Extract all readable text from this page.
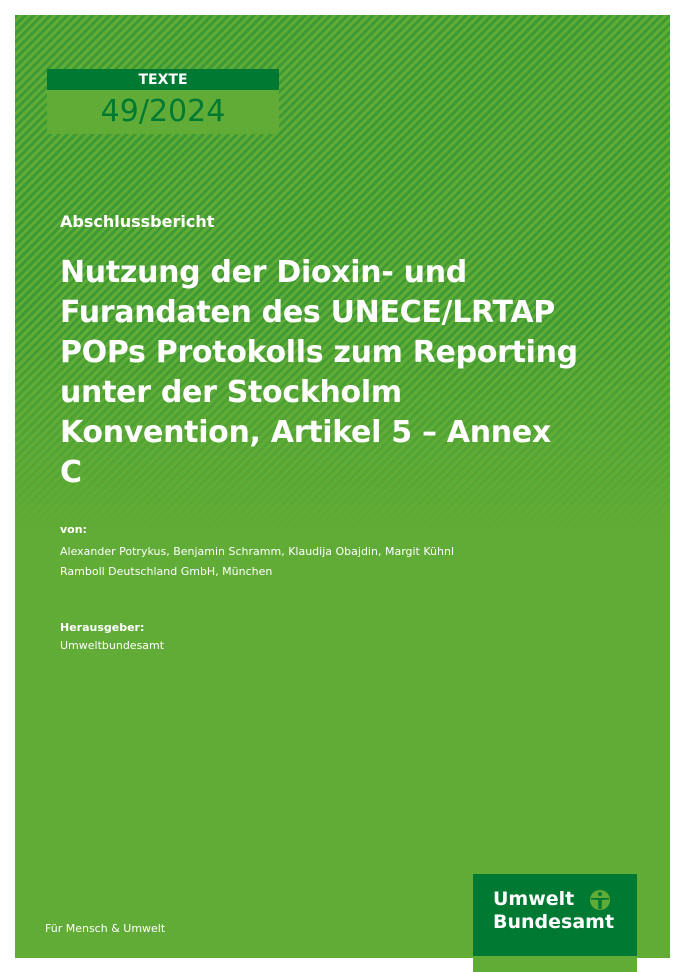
TEXTE
49/2024
Abschlussbericht
Nutzung der Dioxin- und
Furandaten des UNECE/LRTAP
POPs Protokolls zum Reporting
unter der Stockholm
Konvention, Artikel 5 – Annex
C
von:
Alexander Potrykus, Benjamin Schramm, Klaudija Obajdin, Margit Kühnl
Ramboll Deutschland GmbH, München
Herausgeber:
Umweltbundesamt
Für Mensch & Umwelt
Umwelt
Bundesamt
